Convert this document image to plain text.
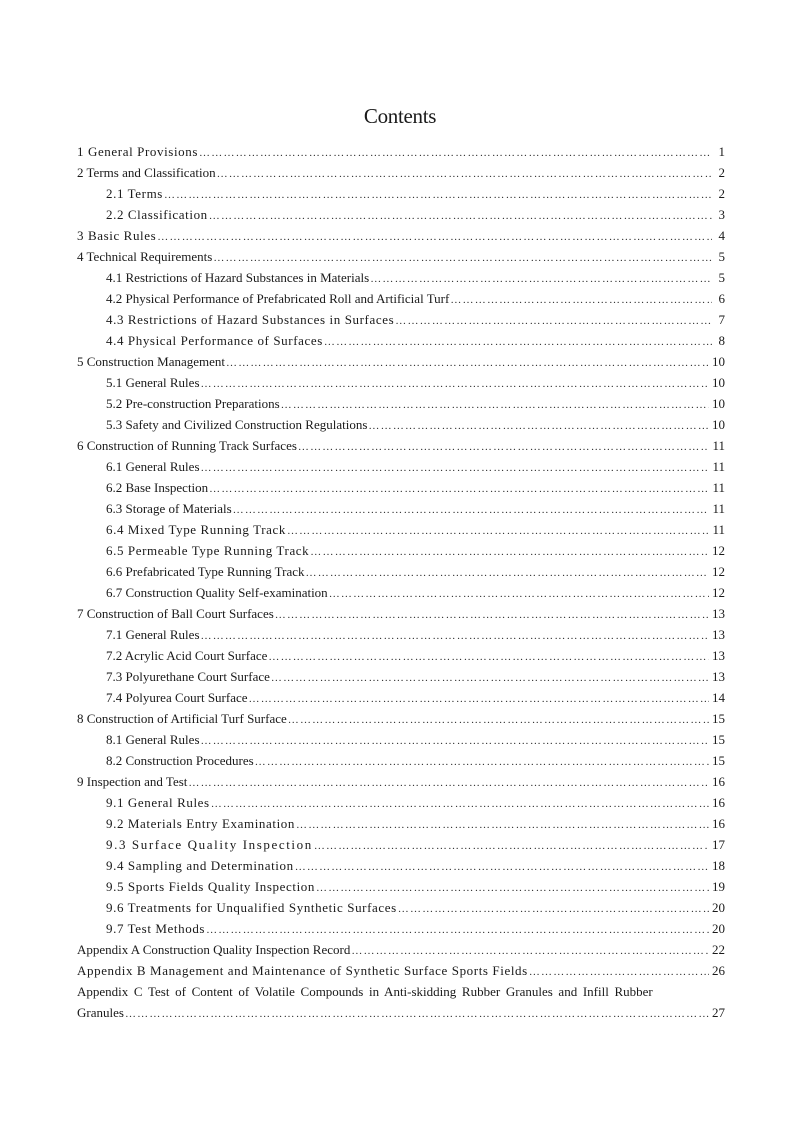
Contents
1 General Provisions ……………………………………………………………………………………………………………………………………………………………………………………	1
2 Terms and Classification ……………………………………………………………………………………………………………………………………………………………………………………	2
2.1 Terms ……………………………………………………………………………………………………………………………………………………………………………………	2
2.2 Classification ……………………………………………………………………………………………………………………………………………………………………………………	3
3 Basic Rules ……………………………………………………………………………………………………………………………………………………………………………………	4
4 Technical Requirements ……………………………………………………………………………………………………………………………………………………………………………………	5
4.1 Restrictions of Hazard Substances in Materials ……………………………………………………………………………………………………………………………………………………………………………………	5
4.2 Physical Performance of Prefabricated Roll and Artificial Turf ……………………………………………………………………………………………………………………………………………………………………………………	6
4.3 Restrictions of Hazard Substances in Surfaces ……………………………………………………………………………………………………………………………………………………………………………………	7
4.4 Physical Performance of Surfaces ……………………………………………………………………………………………………………………………………………………………………………………	8
5 Construction Management ……………………………………………………………………………………………………………………………………………………………………………………	10
5.1 General Rules ……………………………………………………………………………………………………………………………………………………………………………………	10
5.2 Pre-construction Preparations ……………………………………………………………………………………………………………………………………………………………………………………	10
5.3 Safety and Civilized Construction Regulations ……………………………………………………………………………………………………………………………………………………………………………………	10
6 Construction of Running Track Surfaces ……………………………………………………………………………………………………………………………………………………………………………………	11
6.1 General Rules ……………………………………………………………………………………………………………………………………………………………………………………	11
6.2 Base Inspection ……………………………………………………………………………………………………………………………………………………………………………………	11
6.3 Storage of Materials ……………………………………………………………………………………………………………………………………………………………………………………	11
6.4 Mixed Type Running Track ……………………………………………………………………………………………………………………………………………………………………………………	11
6.5 Permeable Type Running Track ……………………………………………………………………………………………………………………………………………………………………………………	12
6.6 Prefabricated Type Running Track ……………………………………………………………………………………………………………………………………………………………………………………	12
6.7 Construction Quality Self-examination ……………………………………………………………………………………………………………………………………………………………………………………	12
7 Construction of Ball Court Surfaces ……………………………………………………………………………………………………………………………………………………………………………………	13
7.1 General Rules ……………………………………………………………………………………………………………………………………………………………………………………	13
7.2 Acrylic Acid Court Surface ……………………………………………………………………………………………………………………………………………………………………………………	13
7.3 Polyurethane Court Surface ……………………………………………………………………………………………………………………………………………………………………………………	13
7.4 Polyurea Court Surface ……………………………………………………………………………………………………………………………………………………………………………………	14
8 Construction of Artificial Turf Surface ……………………………………………………………………………………………………………………………………………………………………………………	15
8.1 General Rules ……………………………………………………………………………………………………………………………………………………………………………………	15
8.2 Construction Procedures ……………………………………………………………………………………………………………………………………………………………………………………	15
9 Inspection and Test ……………………………………………………………………………………………………………………………………………………………………………………	16
9.1 General Rules ……………………………………………………………………………………………………………………………………………………………………………………	16
9.2 Materials Entry Examination ……………………………………………………………………………………………………………………………………………………………………………………	16
9.3 Surface Quality Inspection ……………………………………………………………………………………………………………………………………………………………………………………	17
9.4 Sampling and Determination ……………………………………………………………………………………………………………………………………………………………………………………	18
9.5 Sports Fields Quality Inspection ……………………………………………………………………………………………………………………………………………………………………………………	19
9.6 Treatments for Unqualified Synthetic Surfaces ……………………………………………………………………………………………………………………………………………………………………………………	20
9.7 Test Methods ……………………………………………………………………………………………………………………………………………………………………………………	20
Appendix A Construction Quality Inspection Record ……………………………………………………………………………………………………………………………………………………………………………………	22
Appendix B Management and Maintenance of Synthetic Surface Sports Fields ……………………………………………………………………………………………………………………………………………………………………………………	26
Appendix C Test of Content of Volatile Compounds in Anti-skidding Rubber Granules and Infill Rubber
Granules ……………………………………………………………………………………………………………………………………………………………………………………	27
